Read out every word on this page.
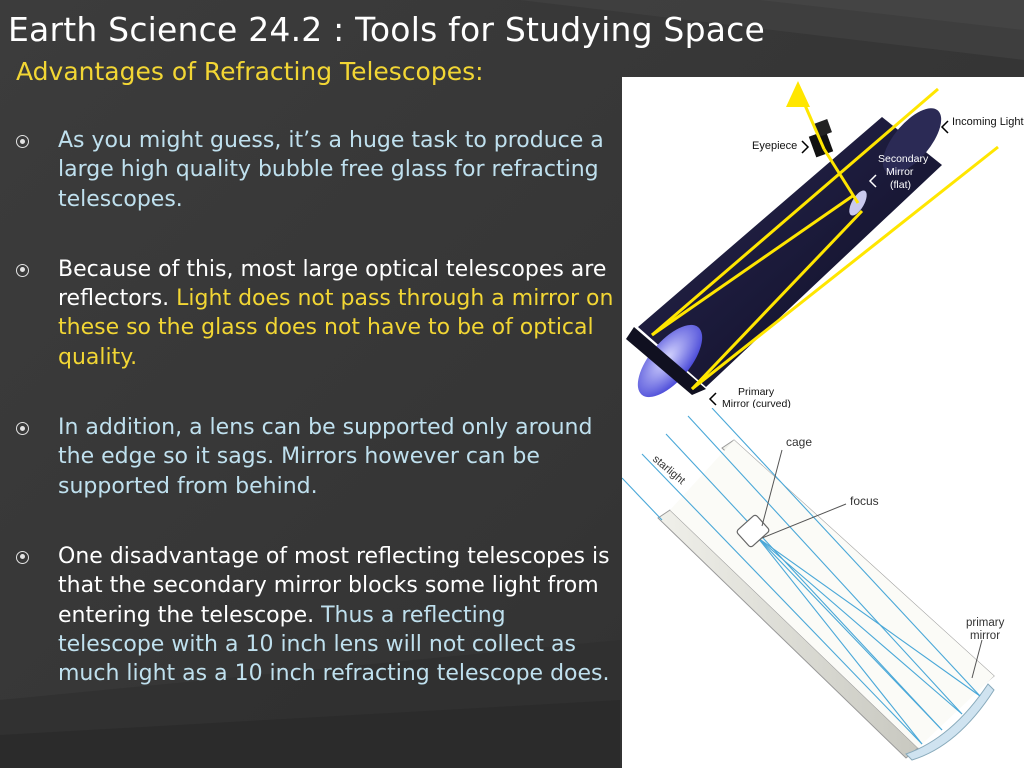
Earth Science 24.2 : Tools for Studying Space
Advantages of Refracting Telescopes:
As you might guess, it’s a huge task to produce a large high quality bubble free glass for refracting telescopes.
Because of this, most large optical telescopes are reflectors. Light does not pass through a mirror on these so the glass does not have to be of optical quality.
In addition, a lens can be supported only around the edge so it sags. Mirrors however can be supported from behind.
One disadvantage of most reflecting telescopes is that the secondary mirror blocks some light from entering the telescope. Thus a reflecting telescope with a 10 inch lens will not collect as much light as a 10 inch refracting telescope does.
Incoming Light
Eyepiece
Secondary
Mirror
(flat)
Primary
Mirror (curved)
cage
starlight
focus
primary
mirror
